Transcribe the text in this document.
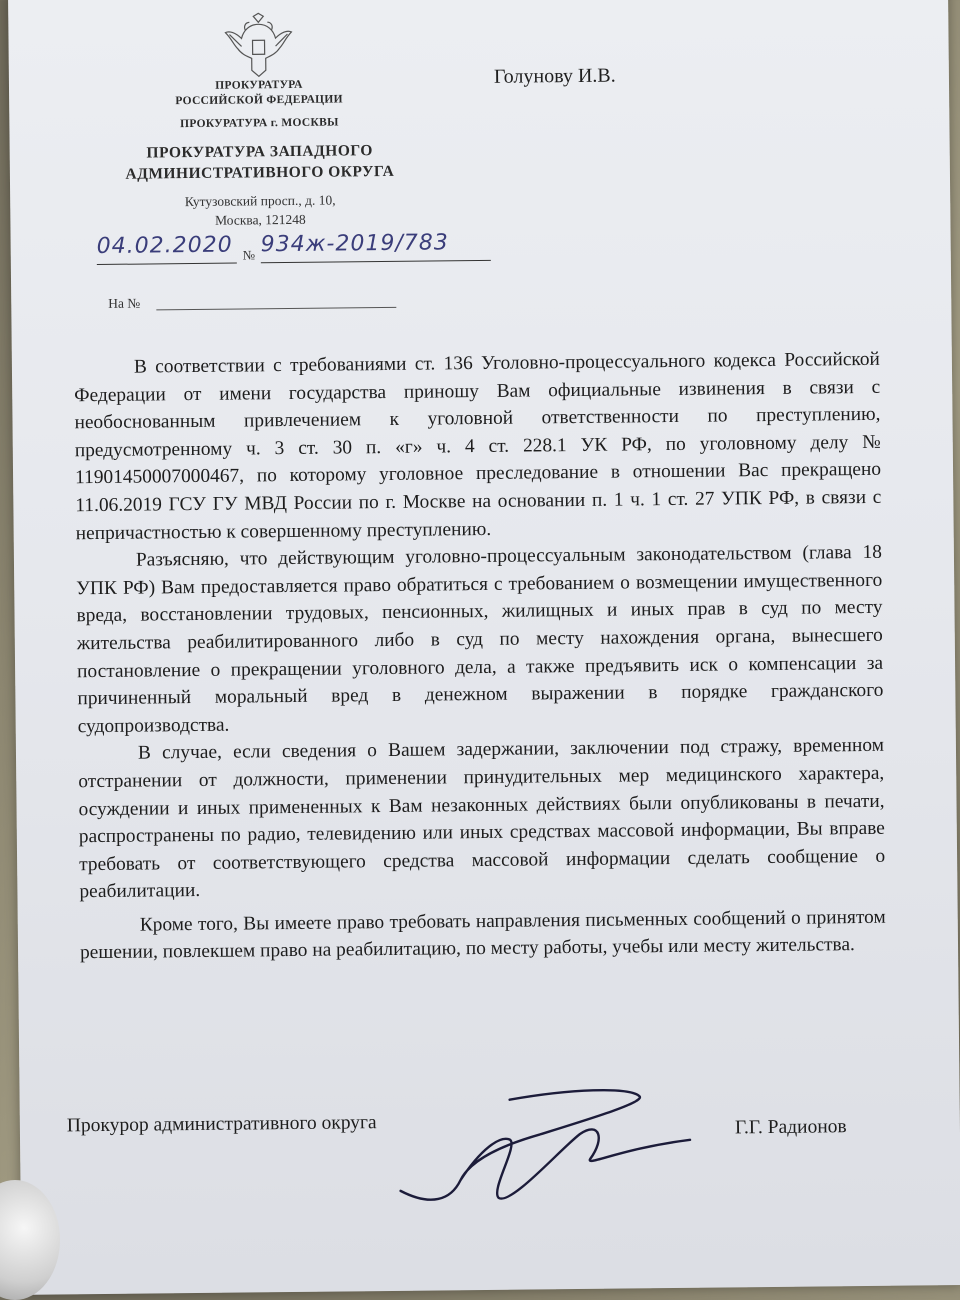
ПРОКУРАТУРА
РОССИЙСКОЙ ФЕДЕРАЦИИ
ПРОКУРАТУРА г. МОСКВЫ
ПРОКУРАТУРА ЗАПАДНОГО
АДМИНИСТРАТИВНОГО ОКРУГА
Кутузовский просп., д. 10,
Москва, 121248
Голунову И.В.
04.02.2020 № 934ж-2019/783
На №

В соответствии с требованиями ст. 136 Уголовно-процессуального кодекса Российской Федерации от имени государства приношу Вам официальные извинения в связи с необоснованным привлечением к уголовной ответственности по преступлению, предусмотренному ч. 3 ст. 30 п. «г» ч. 4 ст. 228.1 УК РФ, по уголовному делу № 11901450007000467, по которому уголовное преследование в отношении Вас прекращено 11.06.2019 ГСУ ГУ МВД России по г. Москве на основании п. 1 ч. 1 ст. 27 УПК РФ, в связи с непричастностью к совершенному преступлению.

Разъясняю, что действующим уголовно-процессуальным законодательством (глава 18 УПК РФ) Вам предоставляется право обратиться с требованием о возмещении имущественного вреда, восстановлении трудовых, пенсионных, жилищных и иных прав в суд по месту жительства реабилитированного либо в суд по месту нахождения органа, вынесшего постановление о прекращении уголовного дела, а также предъявить иск о компенсации за причиненный моральный вред в денежном выражении в порядке гражданского судопроизводства.

В случае, если сведения о Вашем задержании, заключении под стражу, временном отстранении от должности, применении принудительных мер медицинского характера, осуждении и иных примененных к Вам незаконных действиях были опубликованы в печати, распространены по радио, телевидению или иных средствах массовой информации, Вы вправе требовать от соответствующего средства массовой информации сделать сообщение о реабилитации.

Кроме того, Вы имеете право требовать направления письменных сообщений о принятом решении, повлекшем право на реабилитацию, по месту работы, учебы или месту жительства.

Прокурор административного округа	Г.Г. Радионов
